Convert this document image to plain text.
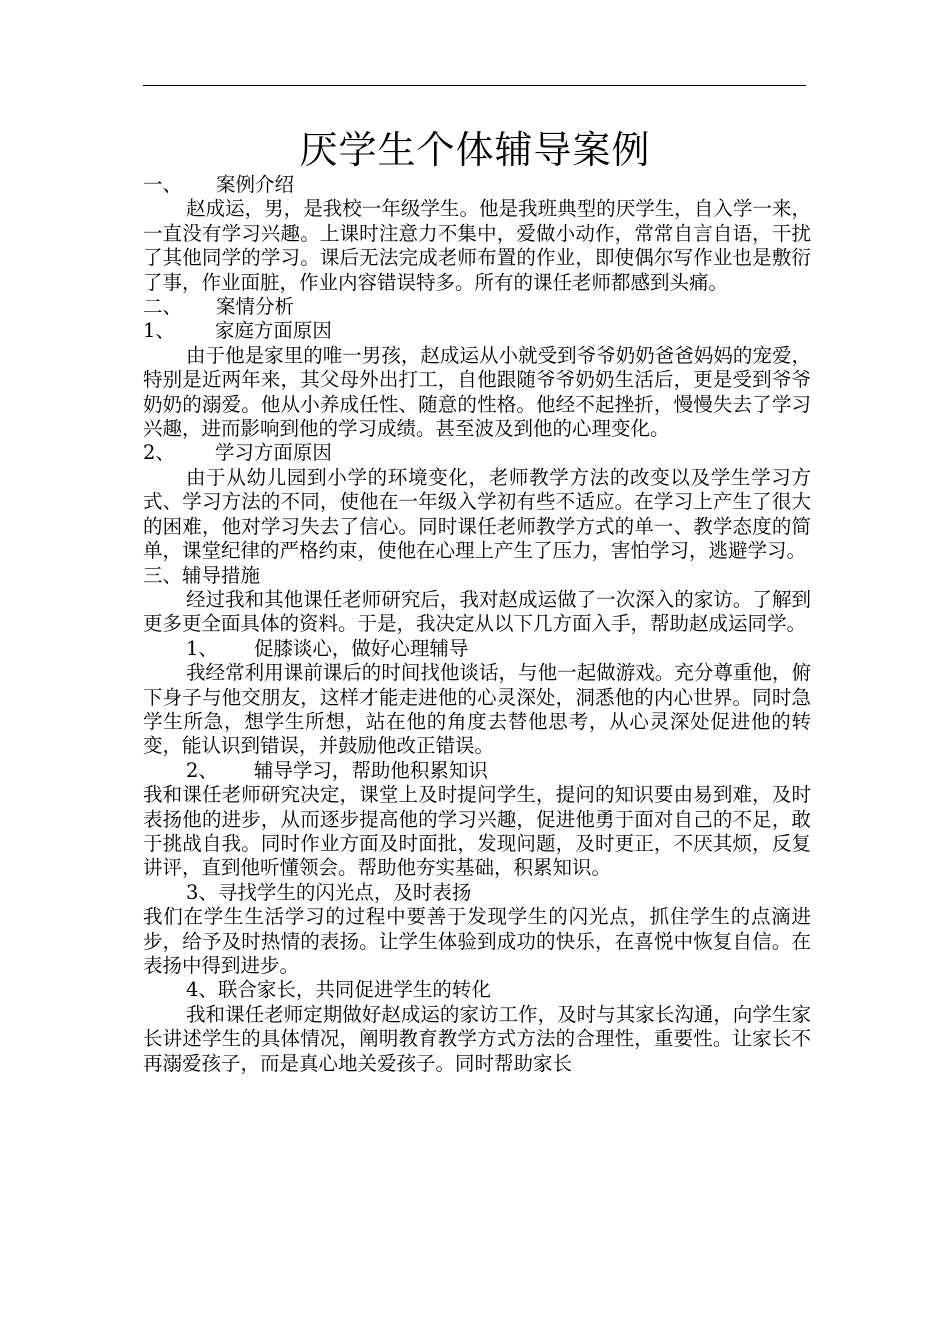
厌学生个体辅导案例

一、 案例介绍

赵成运，男，是我校一年级学生。他是我班典型的厌学生，自入学一来，一直没有学习兴趣。上课时注意力不集中，爱做小动作，常常自言自语，干扰了其他同学的学习。课后无法完成老师布置的作业，即使偶尔写作业也是敷衍了事，作业面脏，作业内容错误特多。所有的课任老师都感到头痛。

二、 案情分析

1、 家庭方面原因

由于他是家里的唯一男孩，赵成运从小就受到爷爷奶奶爸爸妈妈的宠爱，特别是近两年来，其父母外出打工，自他跟随爷爷奶奶生活后，更是受到爷爷奶奶的溺爱。他从小养成任性、随意的性格。他经不起挫折，慢慢失去了学习兴趣，进而影响到他的学习成绩。甚至波及到他的心理变化。

2、 学习方面原因

由于从幼儿园到小学的环境变化，老师教学方法的改变以及学生学习方式、学习方法的不同，使他在一年级入学初有些不适应。在学习上产生了很大的困难，他对学习失去了信心。同时课任老师教学方式的单一、教学态度的简单，课堂纪律的严格约束，使他在心理上产生了压力，害怕学习，逃避学习。

三、辅导措施

经过我和其他课任老师研究后，我对赵成运做了一次深入的家访。了解到更多更全面具体的资料。于是，我决定从以下几方面入手，帮助赵成运同学。

1、 促膝谈心，做好心理辅导

我经常利用课前课后的时间找他谈话，与他一起做游戏。充分尊重他，俯下身子与他交朋友，这样才能走进他的心灵深处，洞悉他的内心世界。同时急学生所急，想学生所想，站在他的角度去替他思考，从心灵深处促进他的转变，能认识到错误，并鼓励他改正错误。

2、 辅导学习，帮助他积累知识

我和课任老师研究决定，课堂上及时提问学生，提问的知识要由易到难，及时表扬他的进步，从而逐步提高他的学习兴趣，促进他勇于面对自己的不足，敢于挑战自我。同时作业方面及时面批，发现问题，及时更正，不厌其烦，反复讲评，直到他听懂领会。帮助他夯实基础，积累知识。

3、寻找学生的闪光点，及时表扬

我们在学生生活学习的过程中要善于发现学生的闪光点，抓住学生的点滴进步，给予及时热情的表扬。让学生体验到成功的快乐，在喜悦中恢复自信。在表扬中得到进步。

4、联合家长，共同促进学生的转化

我和课任老师定期做好赵成运的家访工作，及时与其家长沟通，向学生家长讲述学生的具体情况，阐明教育教学方式方法的合理性，重要性。让家长不再溺爱孩子，而是真心地关爱孩子。同时帮助家长
